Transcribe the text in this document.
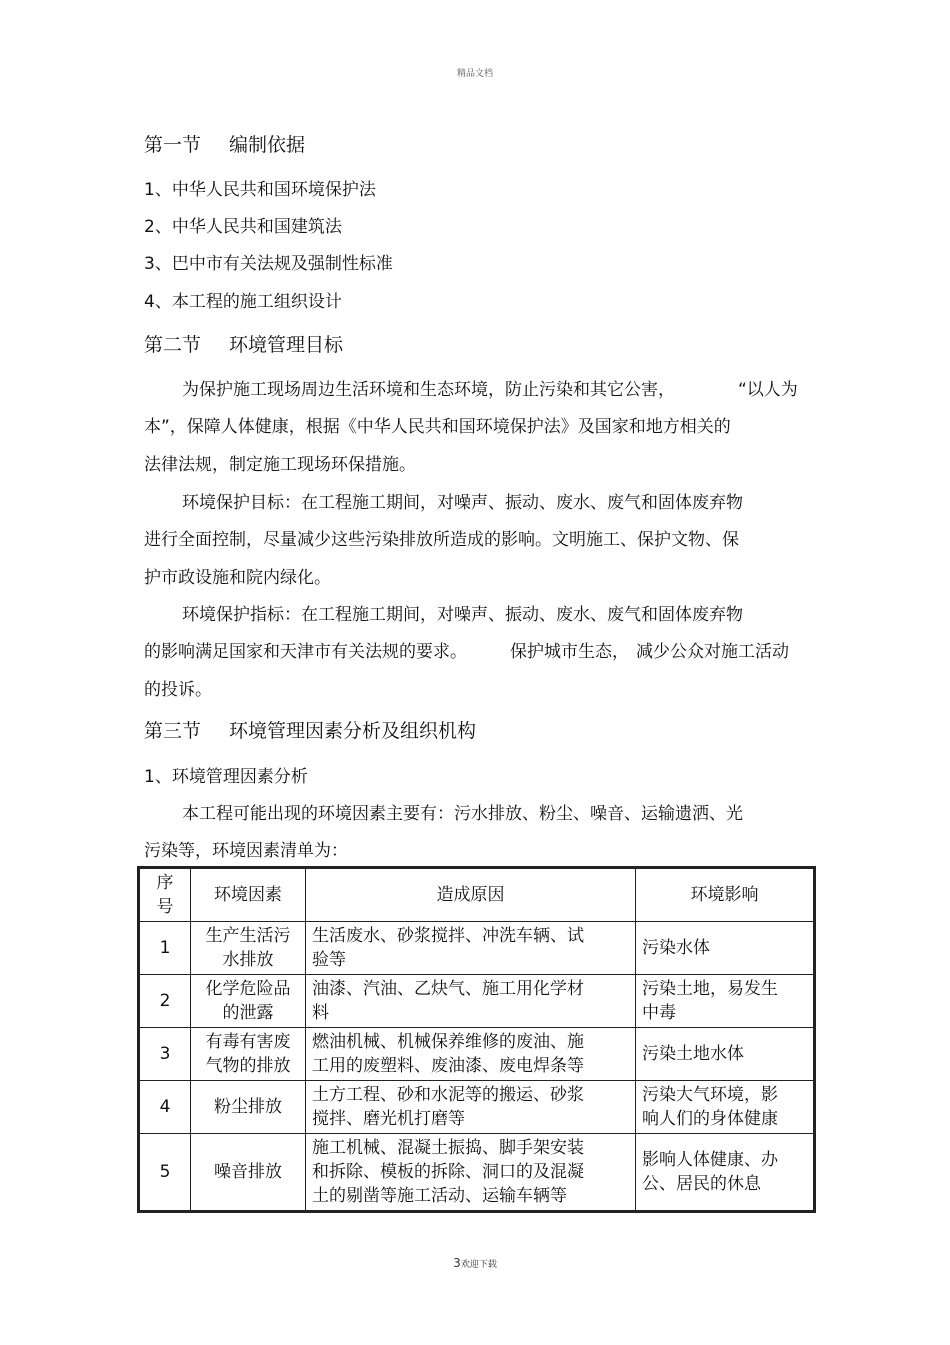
精品文档
第一节 编制依据
1、中华人民共和国环境保护法
2、中华人民共和国建筑法
3、巴中市有关法规及强制性标准
4、本工程的施工组织设计
第二节 环境管理目标
为保护施工现场周边生活环境和生态环境，防止污染和其它公害，	“以人为
本”，保障人体健康，根据《中华人民共和国环境保护法》及国家和地方相关的
法律法规，制定施工现场环保措施。
环境保护目标：在工程施工期间，对噪声、振动、废水、废气和固体废弃物
进行全面控制，尽量减少这些污染排放所造成的影响。文明施工、保护文物、保
护市政设施和院内绿化。
环境保护指标：在工程施工期间，对噪声、振动、废水、废气和固体废弃物
的影响满足国家和天津市有关法规的要求。	保护城市生态， 减少公众对施工活动
的投诉。
第三节 环境管理因素分析及组织机构
1、环境管理因素分析
本工程可能出现的环境因素主要有：污水排放、粉尘、噪音、运输遗洒、光
污染等，环境因素清单为：
序
号	环境因素	造成原因	环境影响
1	生产生活污
水排放	生活废水、砂浆搅拌、冲洗车辆、试
验等	污染水体
2	化学危险品
的泄露	油漆、汽油、乙炔气、施工用化学材
料	污染土地，易发生
中毒
3	有毒有害废
气物的排放	燃油机械、机械保养维修的废油、施
工用的废塑料、废油漆、废电焊条等	污染土地水体
4	粉尘排放	土方工程、砂和水泥等的搬运、砂浆
搅拌、磨光机打磨等	污染大气环境，影
响人们的身体健康
5	噪音排放	施工机械、混凝土振捣、脚手架安装
和拆除、模板的拆除、洞口的及混凝
土的剔凿等施工活动、运输车辆等	影响人体健康、办
公、居民的休息
3欢迎下载
